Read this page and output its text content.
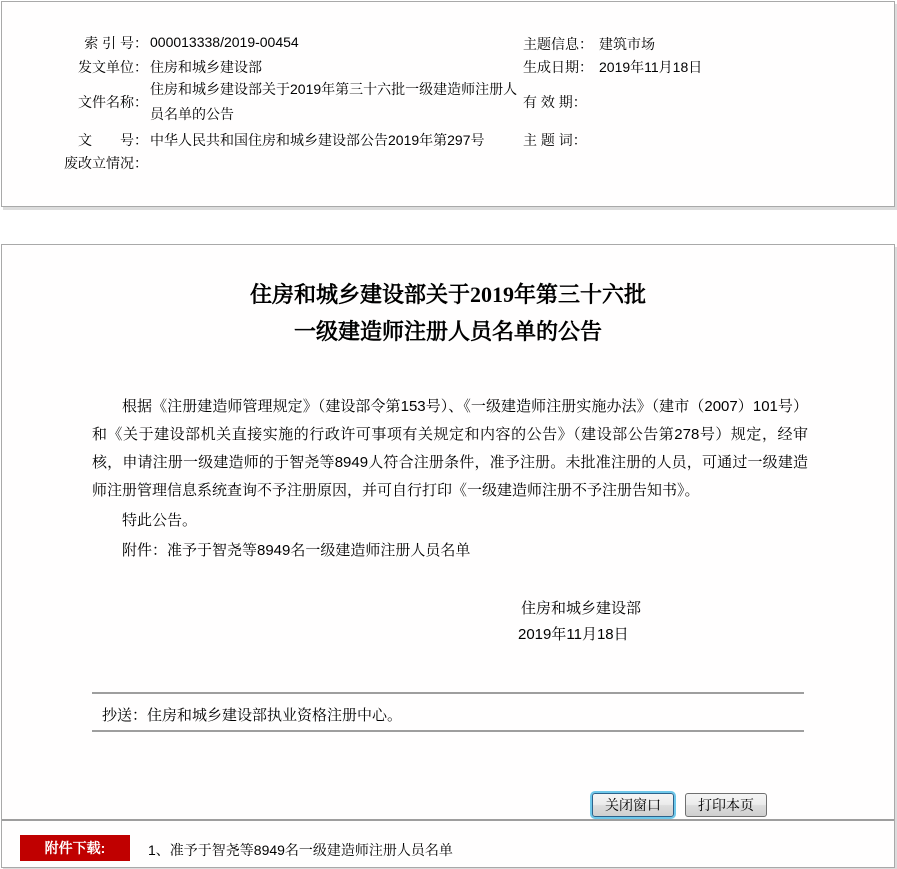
索 引 号： 000013338/2019-00454
发文单位： 住房和城乡建设部
文件名称：
住房和城乡建设部关于2019年第三十六批一级建造师注册人员名单的公告
文　　号： 中华人民共和国住房和城乡建设部公告2019年第297号
废改立情况：
主题信息： 建筑市场
生成日期： 2019年11月18日
有 效 期：
主 题 词：
住房和城乡建设部关于2019年第三十六批
一级建造师注册人员名单的公告
根据《注册建造师管理规定》（建设部令第153号）、《一级建造师注册实施办法》（建市（2007）101号）和《关于建设部机关直接实施的行政许可事项有关规定和内容的公告》（建设部公告第278号）规定，经审核，申请注册一级建造师的于智尧等8949人符合注册条件，准予注册。未批准注册的人员，可通过一级建造师注册管理信息系统查询不予注册原因，并可自行打印《一级建造师注册不予注册告知书》。
特此公告。
附件：准予于智尧等8949名一级建造师注册人员名单
住房和城乡建设部
2019年11月18日
抄送：住房和城乡建设部执业资格注册中心。
关闭窗口	打印本页
附件下载:	1、准予于智尧等8949名一级建造师注册人员名单
